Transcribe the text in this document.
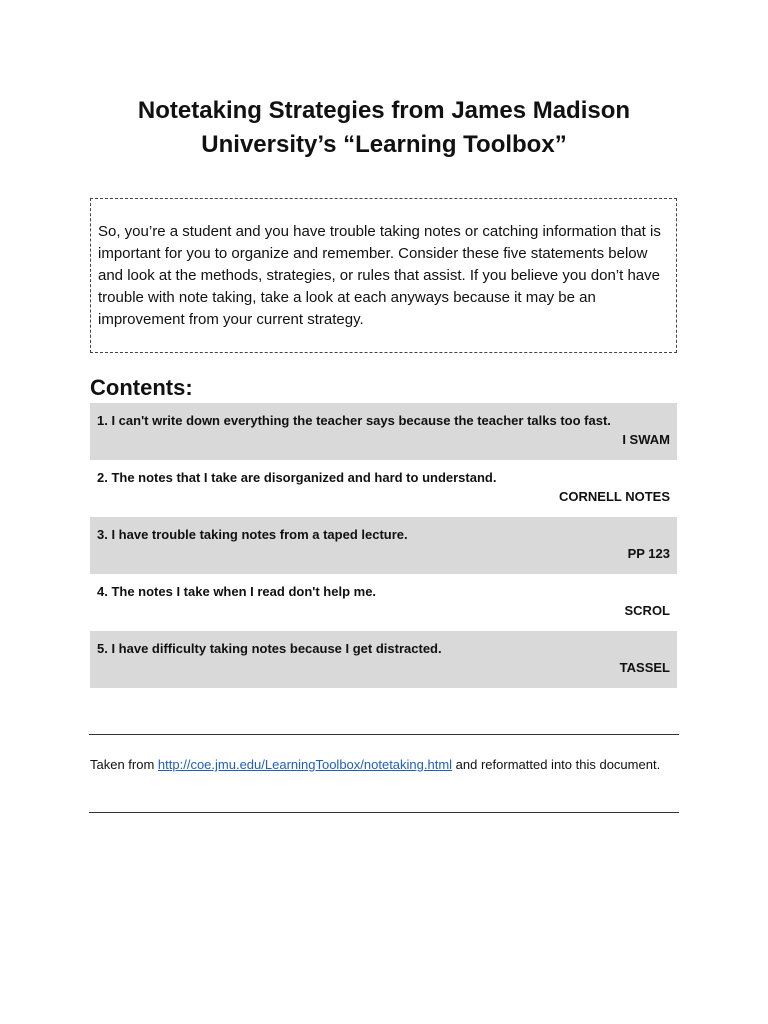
Notetaking Strategies from James Madison
University’s “Learning Toolbox”
So, you’re a student and you have trouble taking notes or catching information that is important for you to organize and remember. Consider these five statements below and look at the methods, strategies, or rules that assist. If you believe you don’t have trouble with note taking, take a look at each anyways because it may be an improvement from your current strategy.
Contents:
1. I can't write down everything the teacher says because the teacher talks too fast.
I SWAM
2. The notes that I take are disorganized and hard to understand.
CORNELL NOTES
3. I have trouble taking notes from a taped lecture.
PP 123
4. The notes I take when I read don't help me.
SCROL
5. I have difficulty taking notes because I get distracted.
TASSEL
Taken from http://coe.jmu.edu/LearningToolbox/notetaking.html and reformatted into this document.
